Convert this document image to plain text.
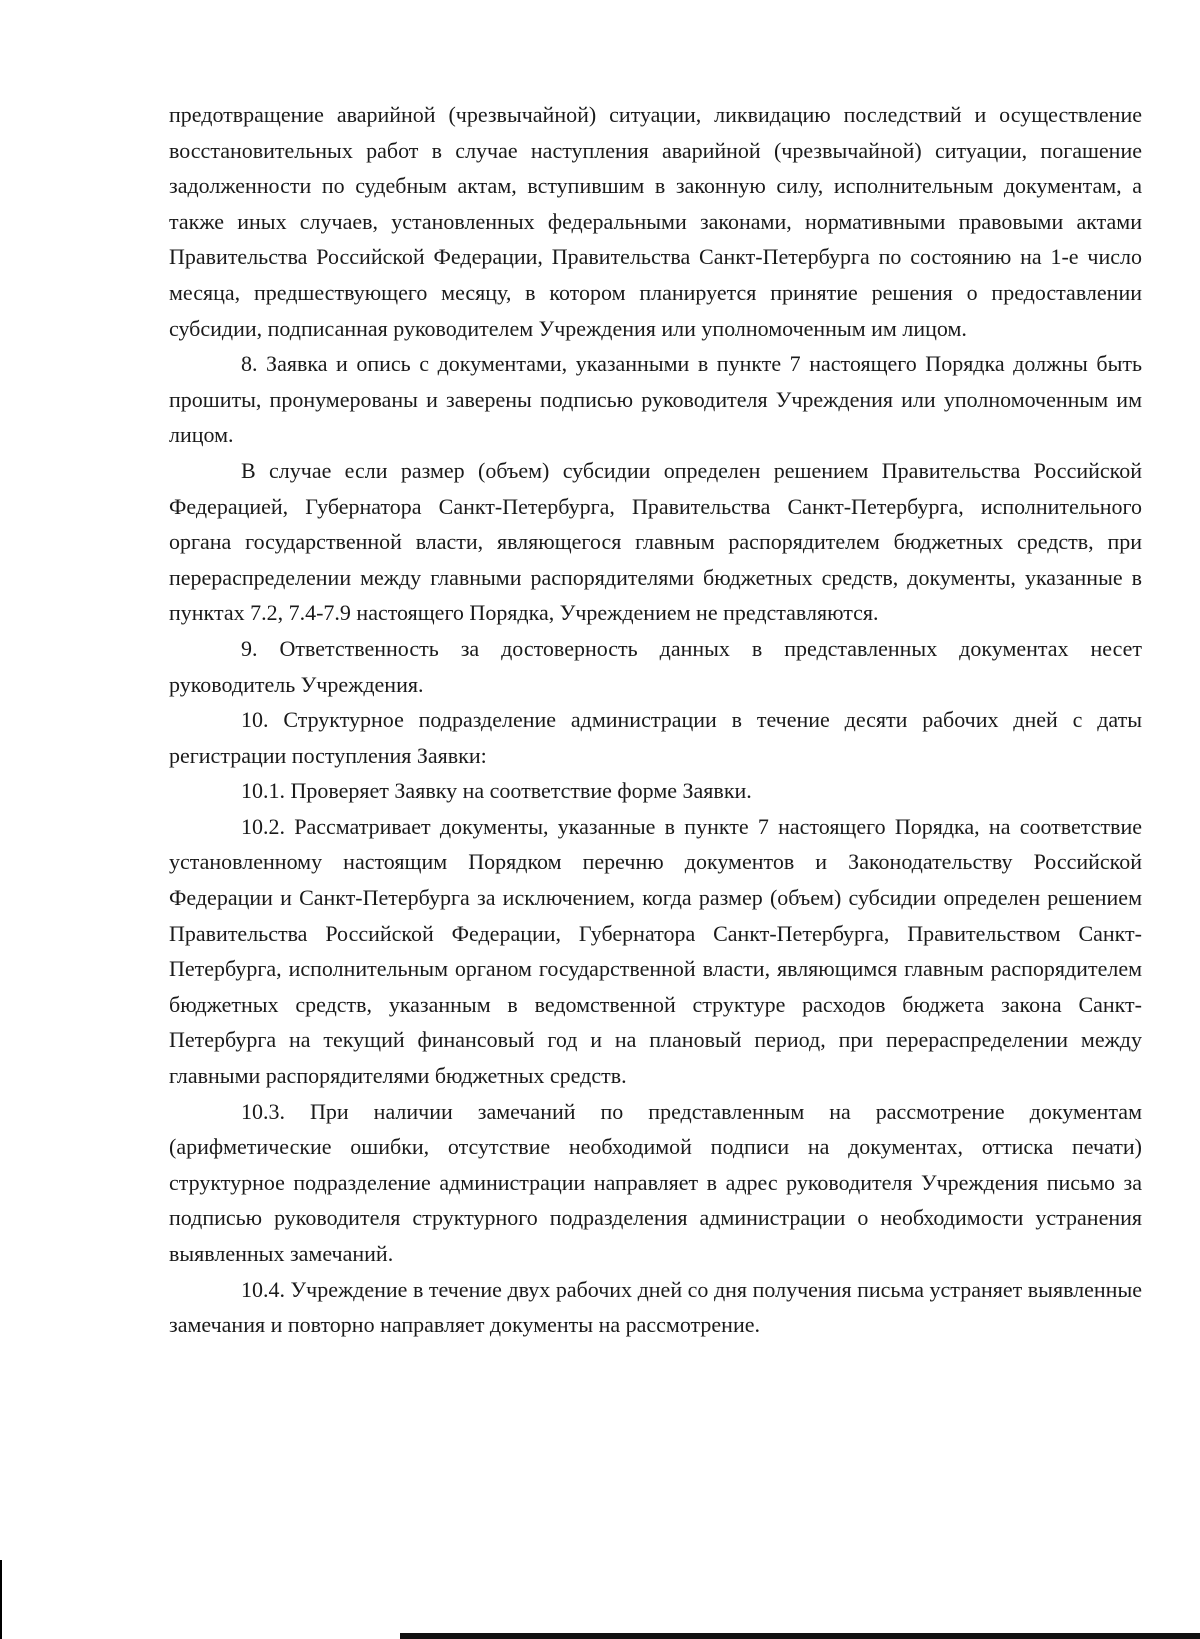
предотвращение аварийной (чрезвычайной) ситуации, ликвидацию последствий и осуществление восстановительных работ в случае наступления аварийной (чрезвычайной) ситуации, погашение задолженности по судебным актам, вступившим в законную силу, исполнительным документам, а также иных случаев, установленных федеральными законами, нормативными правовыми актами Правительства Российской Федерации, Правительства Санкт-Петербурга по состоянию на 1-е число месяца, предшествующего месяцу, в котором планируется принятие решения о предоставлении субсидии, подписанная руководителем Учреждения или уполномоченным им лицом.

8. Заявка и опись с документами, указанными в пункте 7 настоящего Порядка должны быть прошиты, пронумерованы и заверены подписью руководителя Учреждения или уполномоченным им лицом.

В случае если размер (объем) субсидии определен решением Правительства Российской Федерацией, Губернатора Санкт-Петербурга, Правительства Санкт-Петербурга, исполнительного органа государственной власти, являющегося главным распорядителем бюджетных средств, при перераспределении между главными распорядителями бюджетных средств, документы, указанные в пунктах 7.2, 7.4-7.9 настоящего Порядка, Учреждением не представляются.

9. Ответственность за достоверность данных в представленных документах несет руководитель Учреждения.

10. Структурное подразделение администрации в течение десяти рабочих дней с даты регистрации поступления Заявки:

10.1. Проверяет Заявку на соответствие форме Заявки.

10.2. Рассматривает документы, указанные в пункте 7 настоящего Порядка, на соответствие установленному настоящим Порядком перечню документов и Законодательству Российской Федерации и Санкт-Петербурга за исключением, когда размер (объем) субсидии определен решением Правительства Российской Федерации, Губернатора Санкт-Петербурга, Правительством Санкт-Петербурга, исполнительным органом государственной власти, являющимся главным распорядителем бюджетных средств, указанным в ведомственной структуре расходов бюджета закона Санкт-Петербурга на текущий финансовый год и на плановый период, при перераспределении между главными распорядителями бюджетных средств.

10.3. При наличии замечаний по представленным на рассмотрение документам (арифметические ошибки, отсутствие необходимой подписи на документах, оттиска печати) структурное подразделение администрации направляет в адрес руководителя Учреждения письмо за подписью руководителя структурного подразделения администрации о необходимости устранения выявленных замечаний.

10.4. Учреждение в течение двух рабочих дней со дня получения письма устраняет выявленные замечания и повторно направляет документы на рассмотрение.
